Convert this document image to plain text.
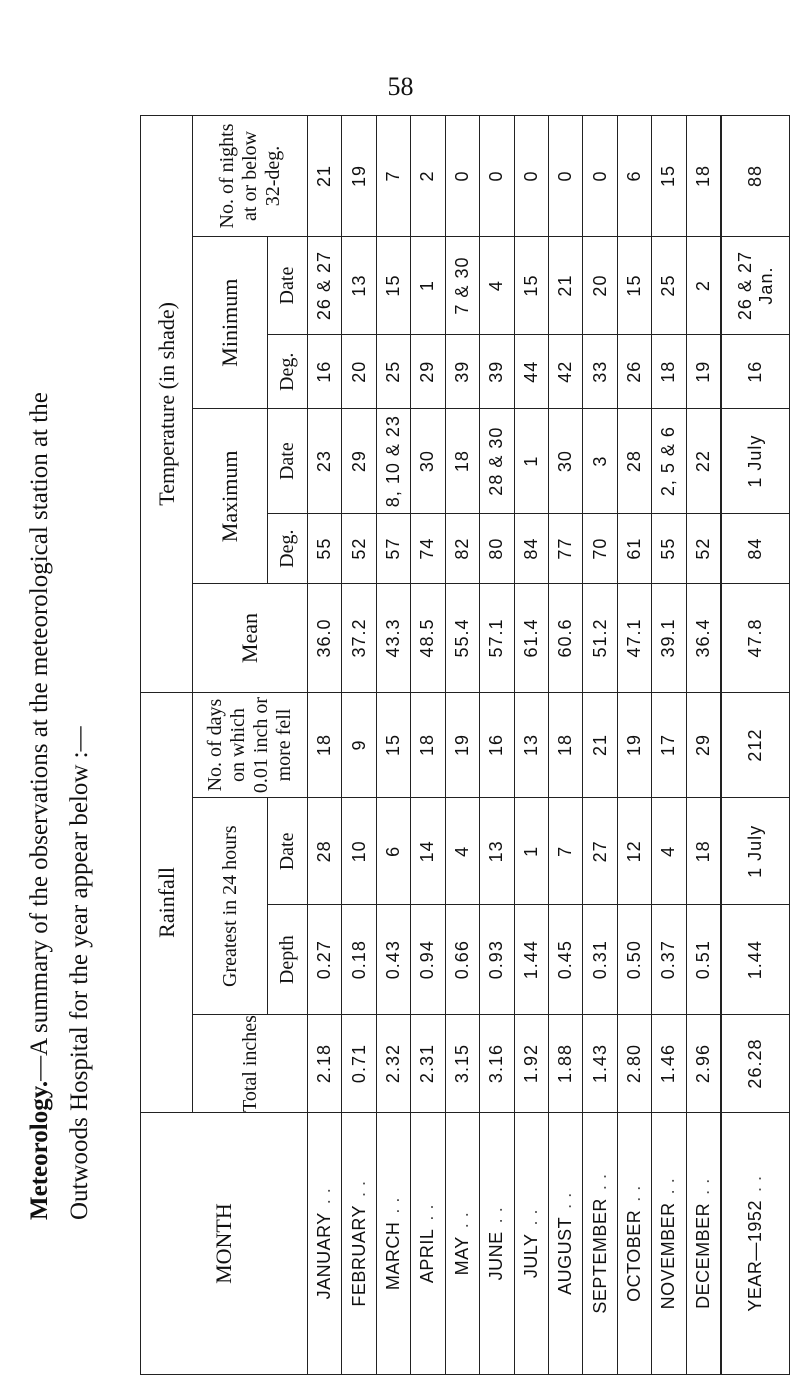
58
Meteorology.—A summary of the observations at the meteorological station at the Outwoods Hospital for the year appear below :—
MONTH	Rainfall				Temperature (in shade)					
	Total inches	Greatest in 24 hours		No. of days on which 0.01 inch or more fell	Mean	Maximum		Minimum		No. of nights at or below 32-deg.
		Depth	Date			Deg.	Date	Deg.	Date	
JANUARY. .	2.18	0.27	28	18	36.0	55	23	16	26 & 27	21
FEBRUARY. .	0.71	0.18	10	9	37.2	52	29	20	13	19
MARCH. .	2.32	0.43	6	15	43.3	57	8, 10 & 23	25	15	7
APRIL. .	2.31	0.94	14	18	48.5	74	30	29	1	2
MAY. .	3.15	0.66	4	19	55.4	82	18	39	7 & 30	0
JUNE. .	3.16	0.93	13	16	57.1	80	28 & 30	39	4	0
JULY. .	1.92	1.44	1	13	61.4	84	1	44	15	0
AUGUST. .	1.88	0.45	7	18	60.6	77	30	42	21	0
SEPTEMBER. .	1.43	0.31	27	21	51.2	70	3	33	20	0
OCTOBER. .	2.80	0.50	12	19	47.1	61	28	26	15	6
NOVEMBER. .	1.46	0.37	4	17	39.1	55	2, 5 & 6	18	25	15
DECEMBER. .	2.96	0.51	18	29	36.4	52	22	19	2	18
YEAR—1952. .	26.28	1.44	1 July	212	47.8	84	1 July	16	26 & 27 Jan.	88
